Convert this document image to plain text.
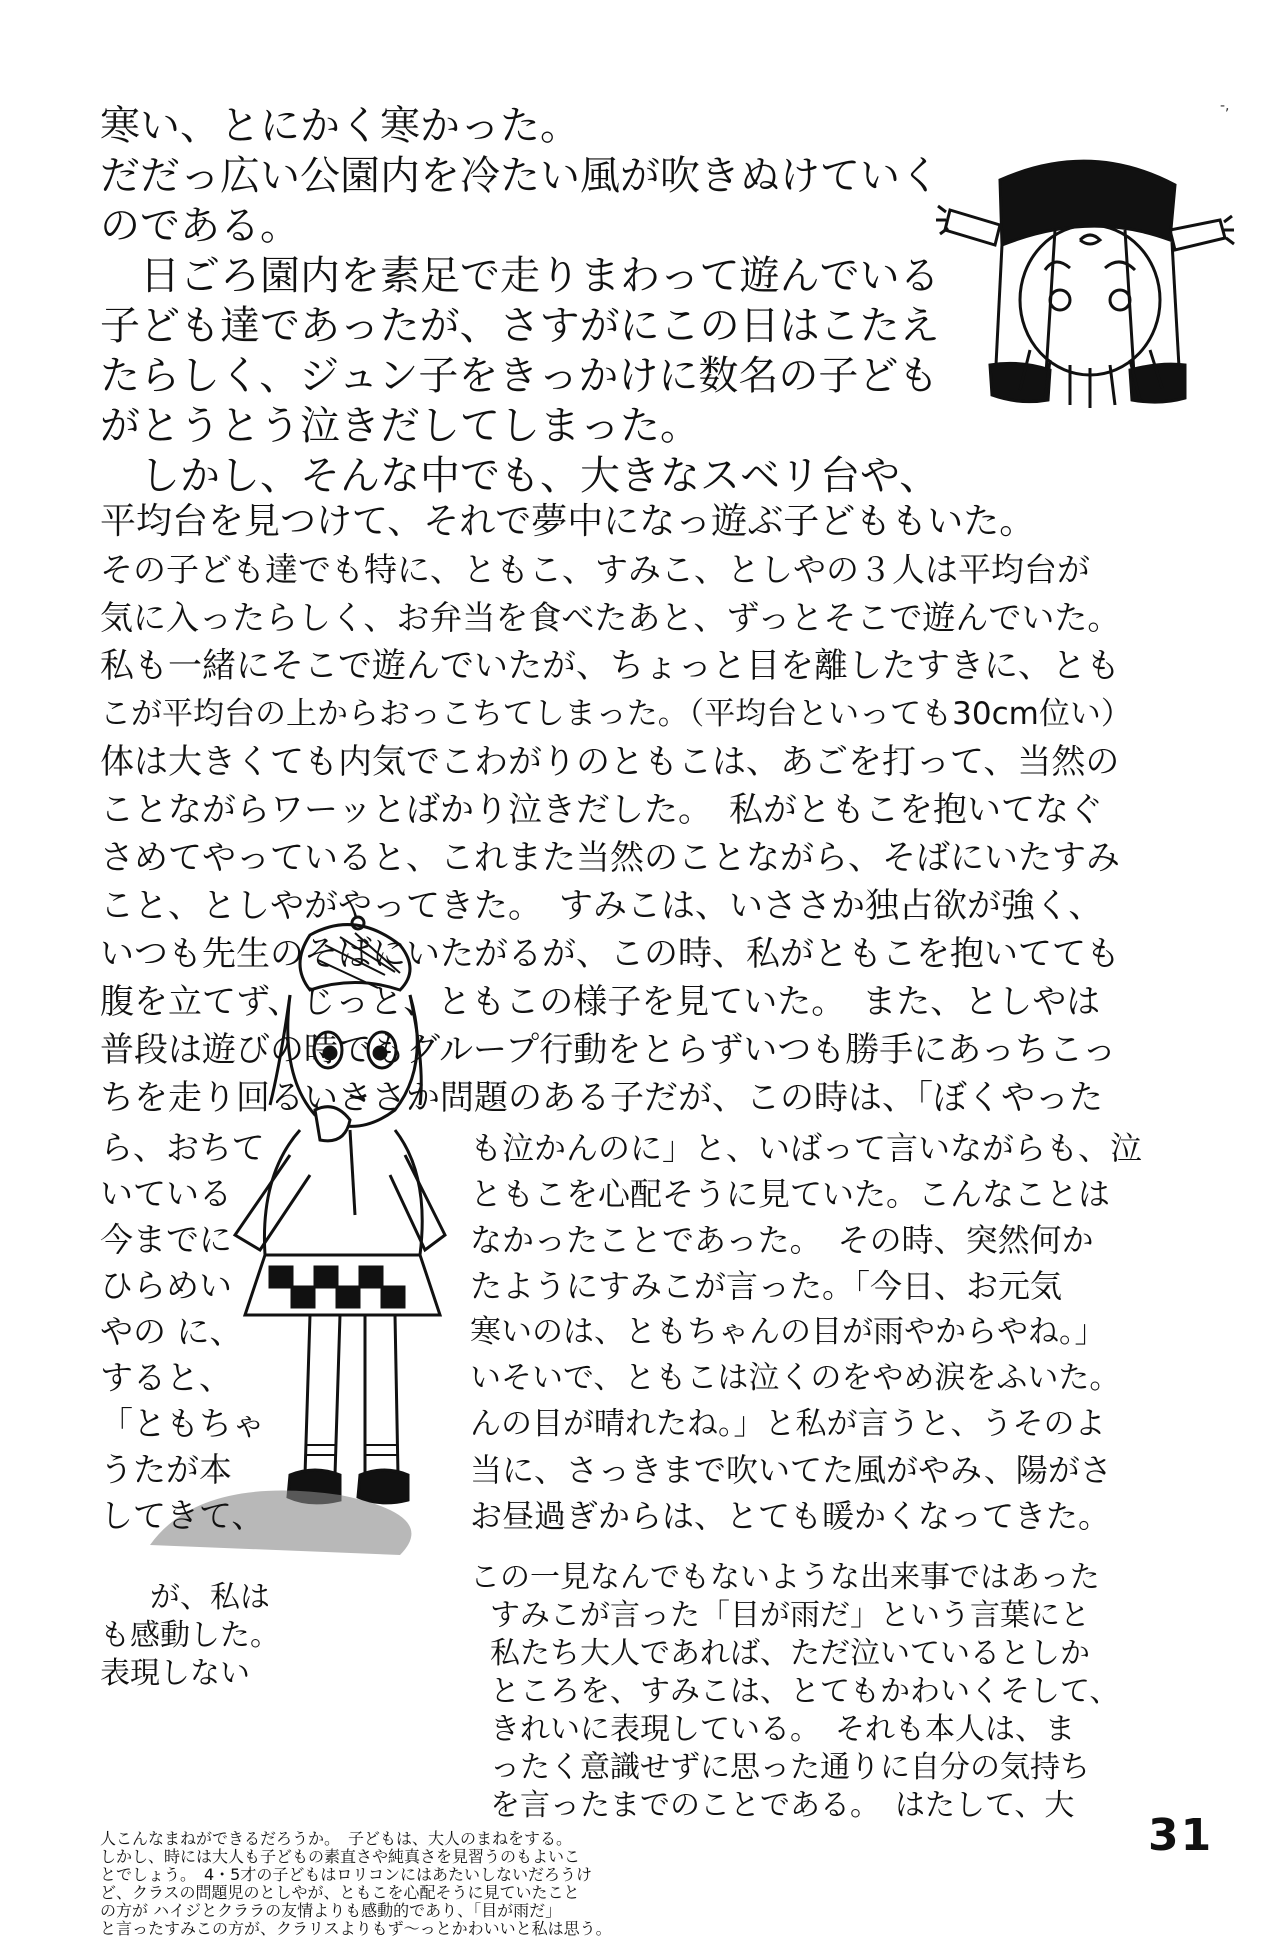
-,
寒い、とにかく寒かった。
だだっ広い公園内を冷たい風が吹きぬけていく
のである。
　日ごろ園内を素足で走りまわって遊んでいる
子ども達であったが、さすがにこの日はこたえ
たらしく、ジュン子をきっかけに数名の子ども
がとうとう泣きだしてしまった。
　しかし、そんな中でも、大きなスベリ台や、
平均台を見つけて、それで夢中になっ遊ぶ子どももいた。
その子ども達でも特に、ともこ、すみこ、としやの３人は平均台が
気に入ったらしく、お弁当を食べたあと、ずっとそこで遊んでいた。
私も一緒にそこで遊んでいたが、ちょっと目を離したすきに、とも
こが平均台の上からおっこちてしまった。（平均台といっても30cm位い）
体は大きくても内気でこわがりのともこは、あごを打って、当然の
ことながらワーッとばかり泣きだした。　私がともこを抱いてなぐ
さめてやっていると、これまた当然のことながら、そばにいたすみ
こと、としやがやってきた。　すみこは、いささか独占欲が強く、
いつも先生のそばにいたがるが、この時、私がともこを抱いてても
腹を立てず、じっと、ともこの様子を見ていた。　また、としやは
普段は遊びの時でもグループ行動をとらずいつも勝手にあっちこっ
ちを走り回るいささか問題のある子だが、この時は、「ぼくやった
ら、おちて
いている
今までに
ひらめい
やの に、
すると、
「ともちゃ
うたが本
してきて、
も泣かんのに」と、いばって言いながらも、泣
ともこを心配そうに見ていた。こんなことは
なかったことであった。　その時、突然何か
たようにすみこが言った。「今日、お元気
寒いのは、ともちゃんの目が雨やからやね。」
いそいで、ともこは泣くのをやめ涙をふいた。
んの目が晴れたね。」と私が言うと、うそのよ
当に、さっきまで吹いてた風がやみ、陽がさ
お昼過ぎからは、とても暖かくなってきた。
が、私は
も感動した。
表現しない
この一見なんでもないような出来事ではあった
すみこが言った「目が雨だ」という言葉にと
私たち大人であれば、ただ泣いているとしか
ところを、すみこは、とてもかわいくそして、
きれいに表現している。　それも本人は、ま
ったく意識せずに思った通りに自分の気持ち
を言ったまでのことである。　はたして、大
31
人こんなまねができるだろうか。　子どもは、大人のまねをする。
しかし、時には大人も子どもの素直さや純真さを見習うのもよいこ
とでしょう。　4・5才の子どもはロリコンにはあたいしないだろうけ
ど、クラスの問題児のとしやが、ともこを心配そうに見ていたこと
の方が ハイジとクララの友情よりも感動的であり、「目が雨だ」
と言ったすみこの方が、クラリスよりもず～っとかわいいと私は思う。
